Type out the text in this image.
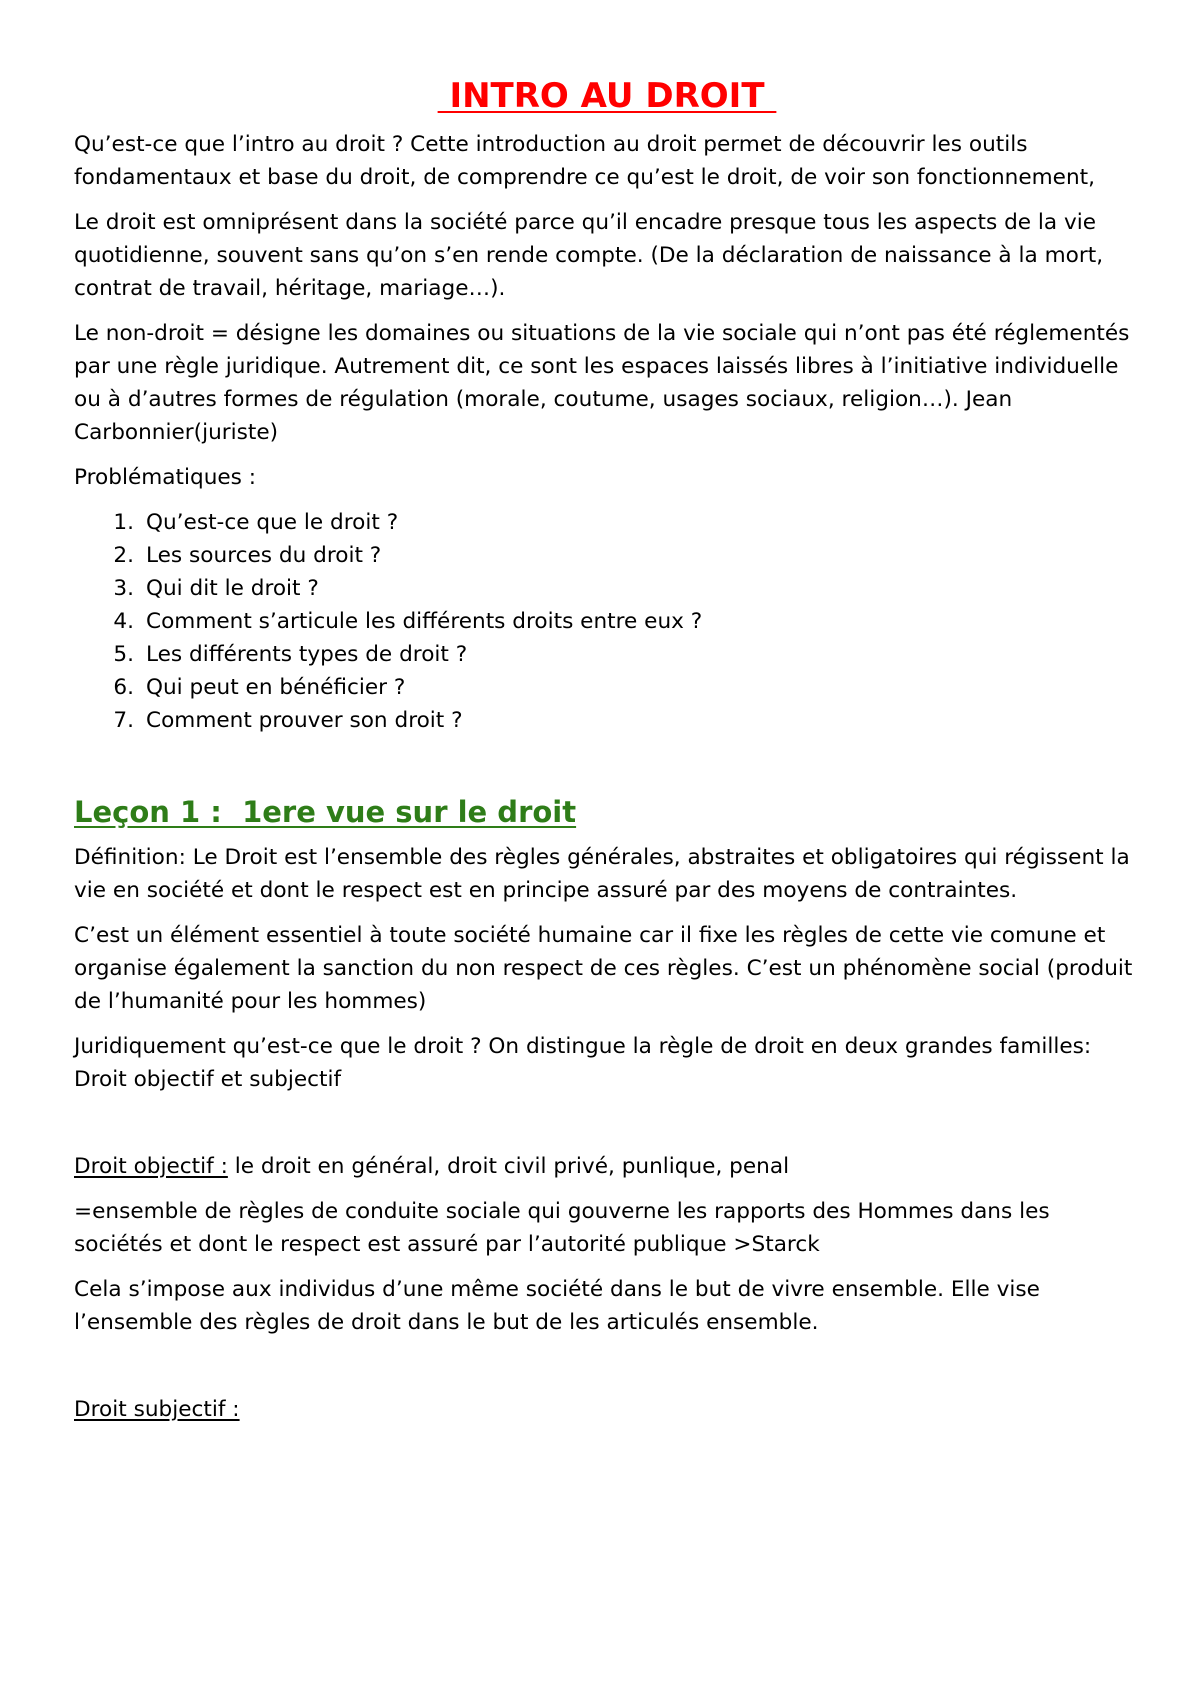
INTRO AU DROIT

Qu’est-ce que l’intro au droit ? Cette introduction au droit permet de découvrir les outils fondamentaux et base du droit, de comprendre ce qu’est le droit, de voir son fonctionnement,

Le droit est omniprésent dans la société parce qu’il encadre presque tous les aspects de la vie quotidienne, souvent sans qu’on s’en rende compte. (De la déclaration de naissance à la mort, contrat de travail, héritage, mariage…).

Le non-droit = désigne les domaines ou situations de la vie sociale qui n’ont pas été réglementés par une règle juridique. Autrement dit, ce sont les espaces laissés libres à l’initiative individuelle ou à d’autres formes de régulation (morale, coutume, usages sociaux, religion…). Jean Carbonnier(juriste)

Problématiques :

1. Qu’est-ce que le droit ?
2. Les sources du droit ?
3. Qui dit le droit ?
4. Comment s’articule les différents droits entre eux ?
5. Les différents types de droit ?
6. Qui peut en bénéficier ?
7. Comment prouver son droit ?
Leçon 1 :  1ere vue sur le droit

Définition: Le Droit est l’ensemble des règles générales, abstraites et obligatoires qui régissent la vie en société et dont le respect est en principe assuré par des moyens de contraintes.

C’est un élément essentiel à toute société humaine car il fixe les règles de cette vie comune et organise également la sanction du non respect de ces règles. C’est un phénomène social (produit de l’humanité pour les hommes)

Juridiquement qu’est-ce que le droit ? On distingue la règle de droit en deux grandes familles: Droit objectif et subjectif

Droit objectif : le droit en général, droit civil privé, punlique, penal

=ensemble de règles de conduite sociale qui gouverne les rapports des Hommes dans les sociétés et dont le respect est assuré par l’autorité publique >Starck

Cela s’impose aux individus d’une même société dans le but de vivre ensemble. Elle vise l’ensemble des règles de droit dans le but de les articulés ensemble.

Droit subjectif :
